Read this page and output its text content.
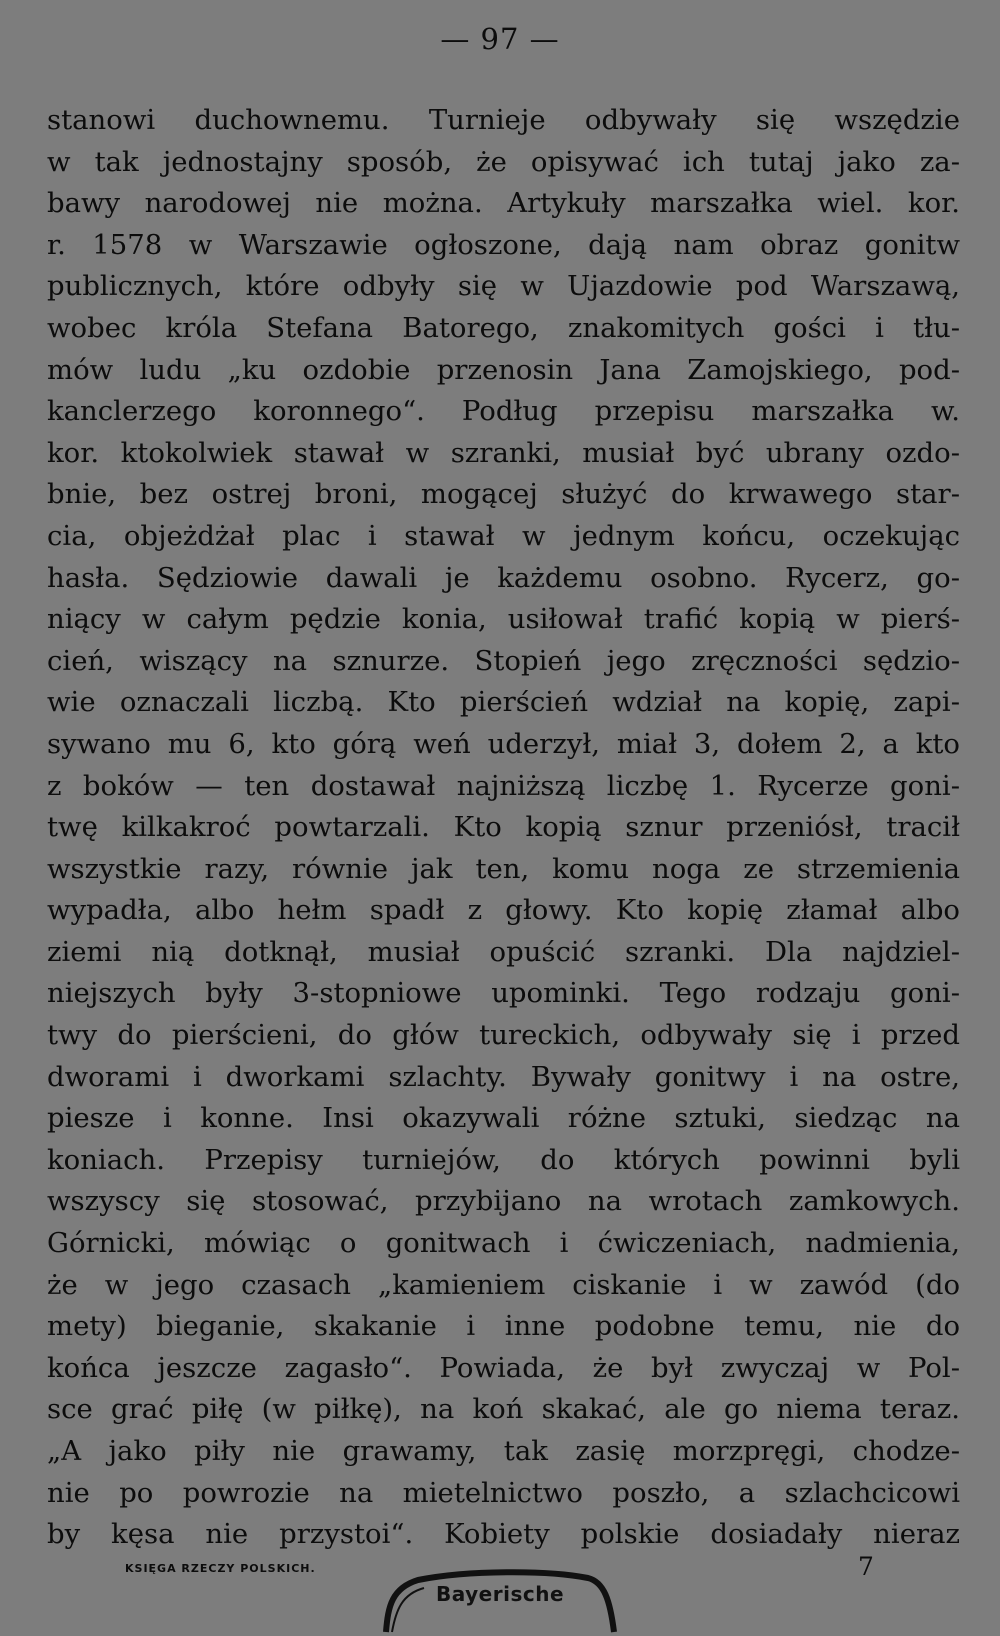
— 97 —
stanowi duchownemu. Turnieje odbywały się wszędzie
w tak jednostajny sposób, że opisywać ich tutaj jako za-
bawy narodowej nie można. Artykuły marszałka wiel. kor.
r. 1578 w Warszawie ogłoszone, dają nam obraz gonitw
publicznych, które odbyły się w Ujazdowie pod Warszawą,
wobec króla Stefana Batorego, znakomitych gości i tłu-
mów ludu „ku ozdobie przenosin Jana Zamojskiego, pod-
kanclerzego koronnego“. Podług przepisu marszałka w.
kor. ktokolwiek stawał w szranki, musiał być ubrany ozdo-
bnie, bez ostrej broni, mogącej służyć do krwawego star-
cia, objeżdżał plac i stawał w jednym końcu, oczekując
hasła. Sędziowie dawali je każdemu osobno. Rycerz, go-
niący w całym pędzie konia, usiłował trafić kopią w pierś-
cień, wiszący na sznurze. Stopień jego zręczności sędzio-
wie oznaczali liczbą. Kto pierścień wdział na kopię, zapi-
sywano mu 6, kto górą weń uderzył, miał 3, dołem 2, a kto
z boków — ten dostawał najniższą liczbę 1. Rycerze goni-
twę kilkakroć powtarzali. Kto kopią sznur przeniósł, tracił
wszystkie razy, równie jak ten, komu noga ze strzemienia
wypadła, albo hełm spadł z głowy. Kto kopię złamał albo
ziemi nią dotknął, musiał opuścić szranki. Dla najdziel-
niejszych były 3-stopniowe upominki. Tego rodzaju goni-
twy do pierścieni, do głów tureckich, odbywały się i przed
dworami i dworkami szlachty. Bywały gonitwy i na ostre,
piesze i konne. Insi okazywali różne sztuki, siedząc na
koniach. Przepisy turniejów, do których powinni byli
wszyscy się stosować, przybijano na wrotach zamkowych.
Górnicki, mówiąc o gonitwach i ćwiczeniach, nadmienia,
że w jego czasach „kamieniem ciskanie i w zawód (do
mety) bieganie, skakanie i inne podobne temu, nie do
końca jeszcze zagasło“. Powiada, że był zwyczaj w Pol-
sce grać piłę (w piłkę), na koń skakać, ale go niema teraz.
„A jako piły nie grawamy, tak zasię morzpręgi, chodze-
nie po powrozie na mietelnictwo poszło, a szlachcicowi
by kęsa nie przystoi“. Kobiety polskie dosiadały nieraz
KSIĘGA RZECZY POLSKICH.
Bayerische
7
